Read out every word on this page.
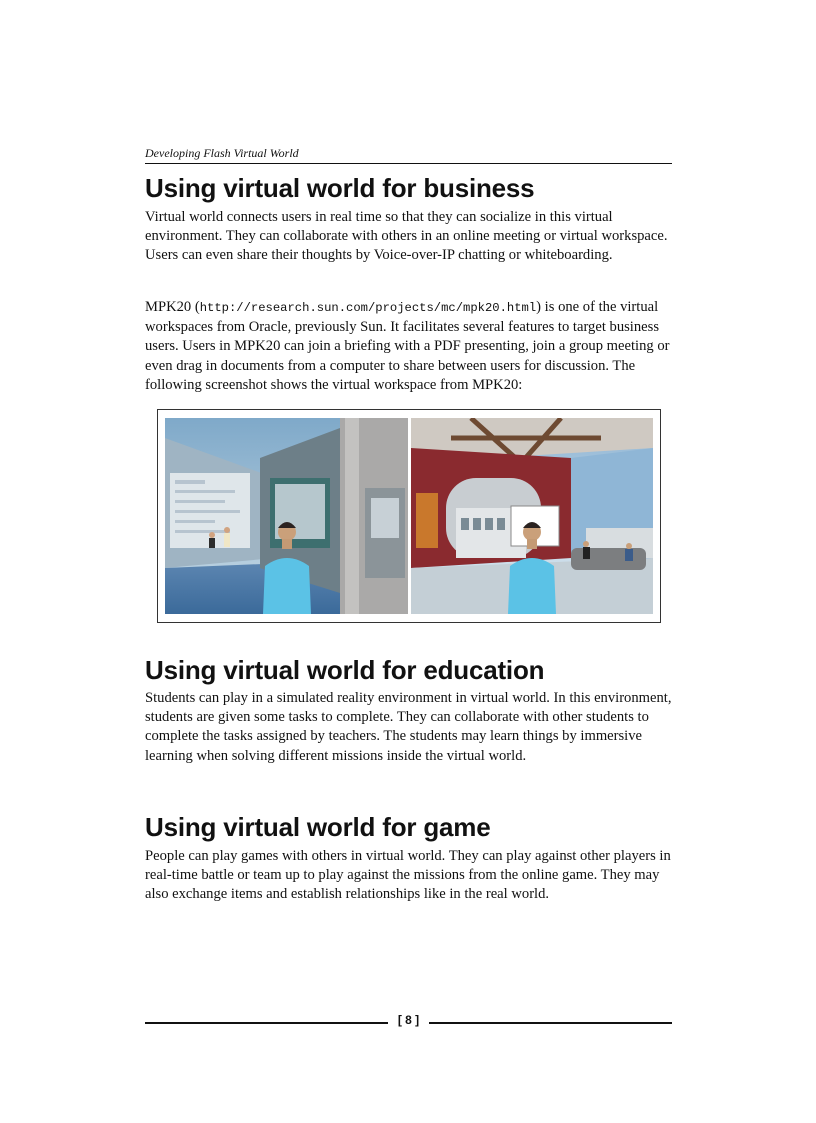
Developing Flash Virtual World
Using virtual world for business

Virtual world connects users in real time so that they can socialize in this virtual environment. They can collaborate with others in an online meeting or virtual workspace. Users can even share their thoughts by Voice-over-IP chatting or whiteboarding.

MPK20 (http://research.sun.com/projects/mc/mpk20.html) is one of the virtual workspaces from Oracle, previously Sun. It facilitates several features to target business users. Users in MPK20 can join a briefing with a PDF presenting, join a group meeting or even drag in documents from a computer to share between users for discussion. The following screenshot shows the virtual workspace from MPK20:

Using virtual world for education

Students can play in a simulated reality environment in virtual world. In this environment, students are given some tasks to complete. They can collaborate with other students to complete the tasks assigned by teachers. The students may learn things by immersive learning when solving different missions inside the virtual world.

Using virtual world for game

People can play games with others in virtual world. They can play against other players in real-time battle or team up to play against the missions from the online game. They may also exchange items and establish relationships like in the real world.

[ 8 ]
